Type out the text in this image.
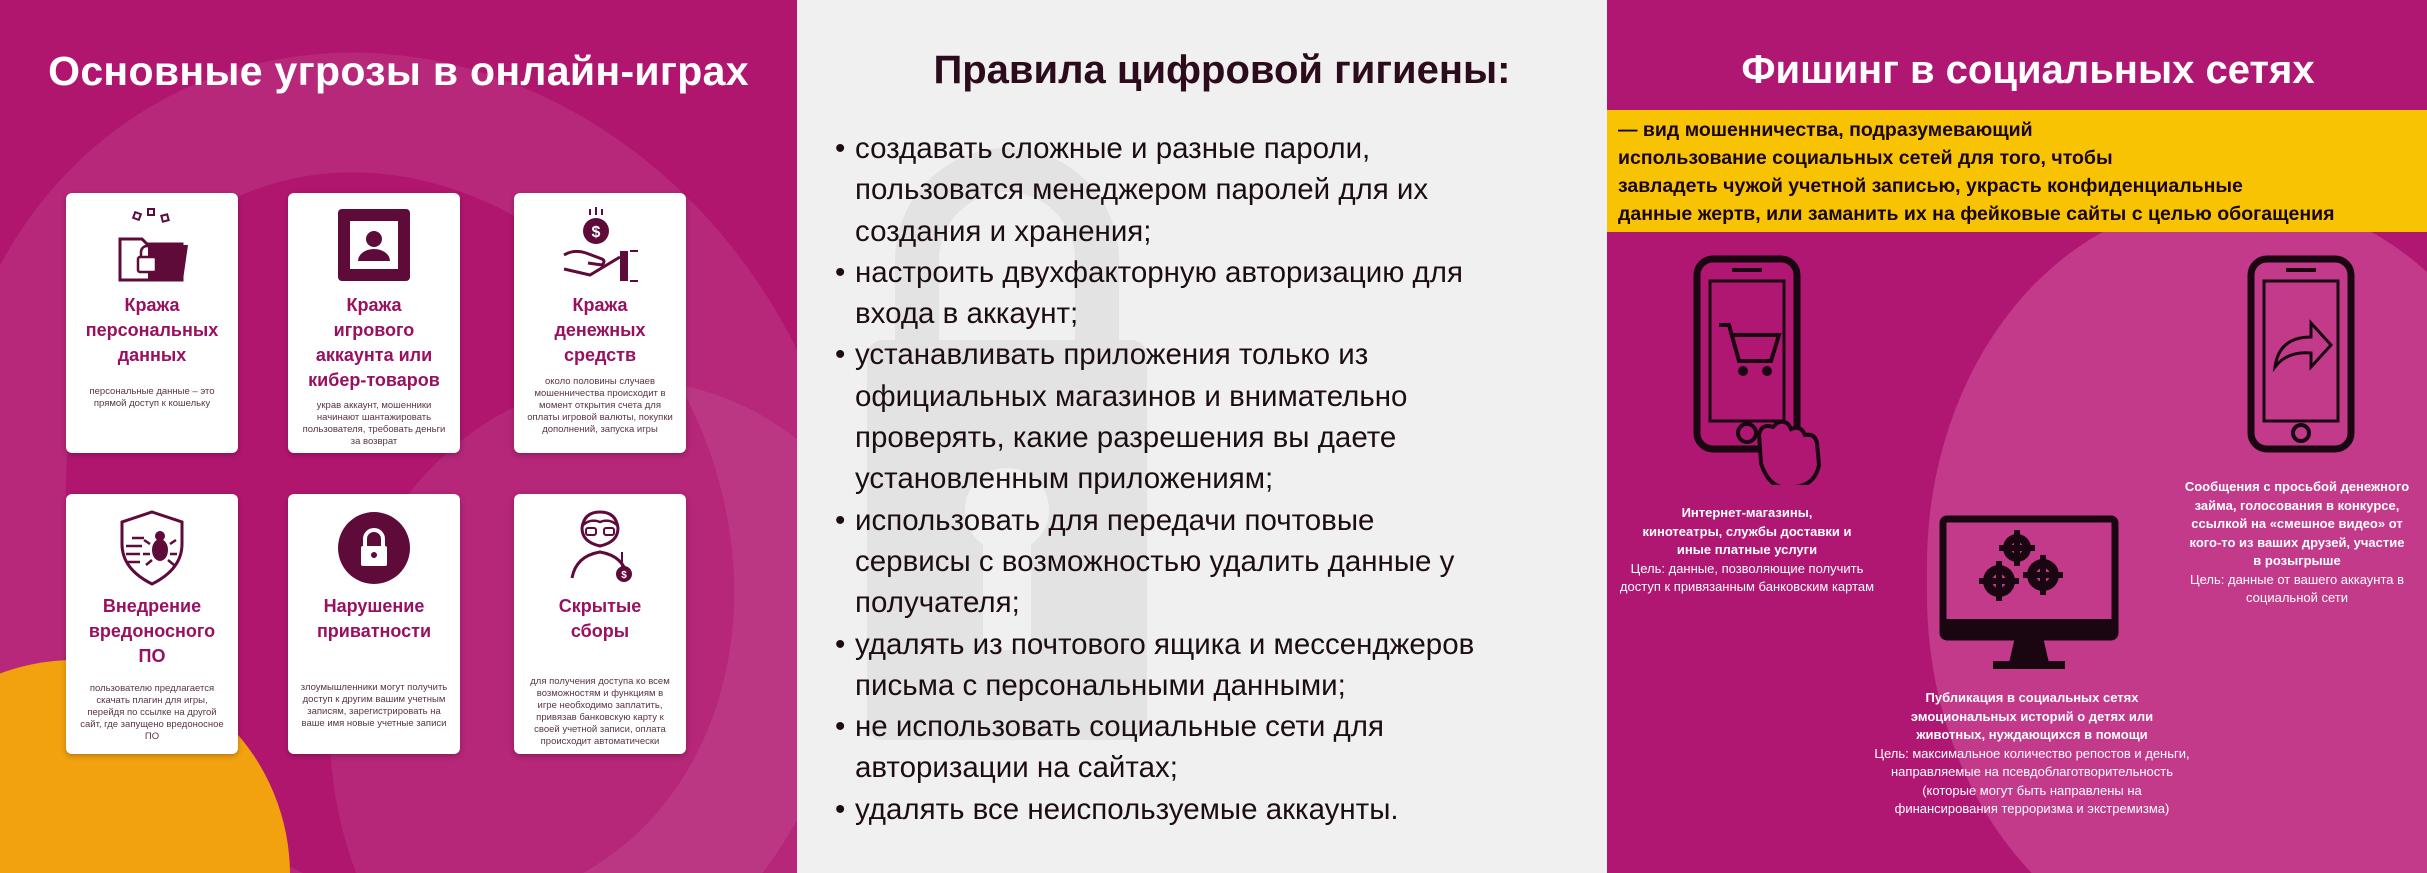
Основные угрозы в онлайн-играх
Кража
персональных
данных
персональные данные – это прямой доступ к кошельку
Кража
игрового
аккаунта или
кибер-товаров
украв аккаунт, мошенники начинают шантажировать пользователя, требовать деньги за возврат
$
Кража
денежных
средств
около половины случаев мошенничества происходит в момент открытия счета для оплаты игровой валюты, покупки дополнений, запуска игры
Внедрение
вредоносного
ПО
пользователю предлагается скачать плагин для игры, перейдя по ссылке на другой сайт, где запущено вредоносное ПО
Нарушение
приватности
злоумышленники могут получить доступ к другим вашим учетным записям, зарегистрировать на ваше имя новые учетные записи
$
Скрытые
сборы
для получения доступа ко всем возможностям и функциям в игре необходимо заплатить, привязав банковскую карту к своей учетной записи, оплата происходит автоматически
Правила цифровой гигиены:
• создавать сложные и разные пароли,
пользоватся менеджером паролей для их
создания и хранения;
• настроить двухфакторную авторизацию для
входа в аккаунт;
• устанавливать приложения только из
официальных магазинов и внимательно
проверять, какие разрешения вы даете
установленным приложениям;
• использовать для передачи почтовые
сервисы с возможностью удалить данные у
получателя;
• удалять из почтового ящика и мессенджеров
письма с персональными данными;
• не использовать социальные сети для
авторизации на сайтах;
• удалять все неиспользуемые аккаунты.
Фишинг в социальных сетях
— вид мошенничества, подразумевающий
использование социальных сетей для того, чтобы
завладеть чужой учетной записью, украсть конфиденциальные
данные жертв, или заманить их на фейковые сайты с целью обогащения
Интернет-магазины,
кинотеатры, службы доставки и
иные платные услуги
Цель: данные, позволяющие получить
доступ к привязанным банковским картам
Публикация в социальных сетях
эмоциональных историй о детях или
животных, нуждающихся в помощи
Цель: максимальное количество репостов и деньги,
направляемые на псевдоблаготворительность
(которые могут быть направлены на
финансирования терроризма и экстремизма)
Сообщения с просьбой денежного
займа, голосования в конкурсе,
ссылкой на «смешное видео» от
кого-то из ваших друзей, участие
в розыгрыше
Цель: данные от вашего аккаунта в
социальной сети
